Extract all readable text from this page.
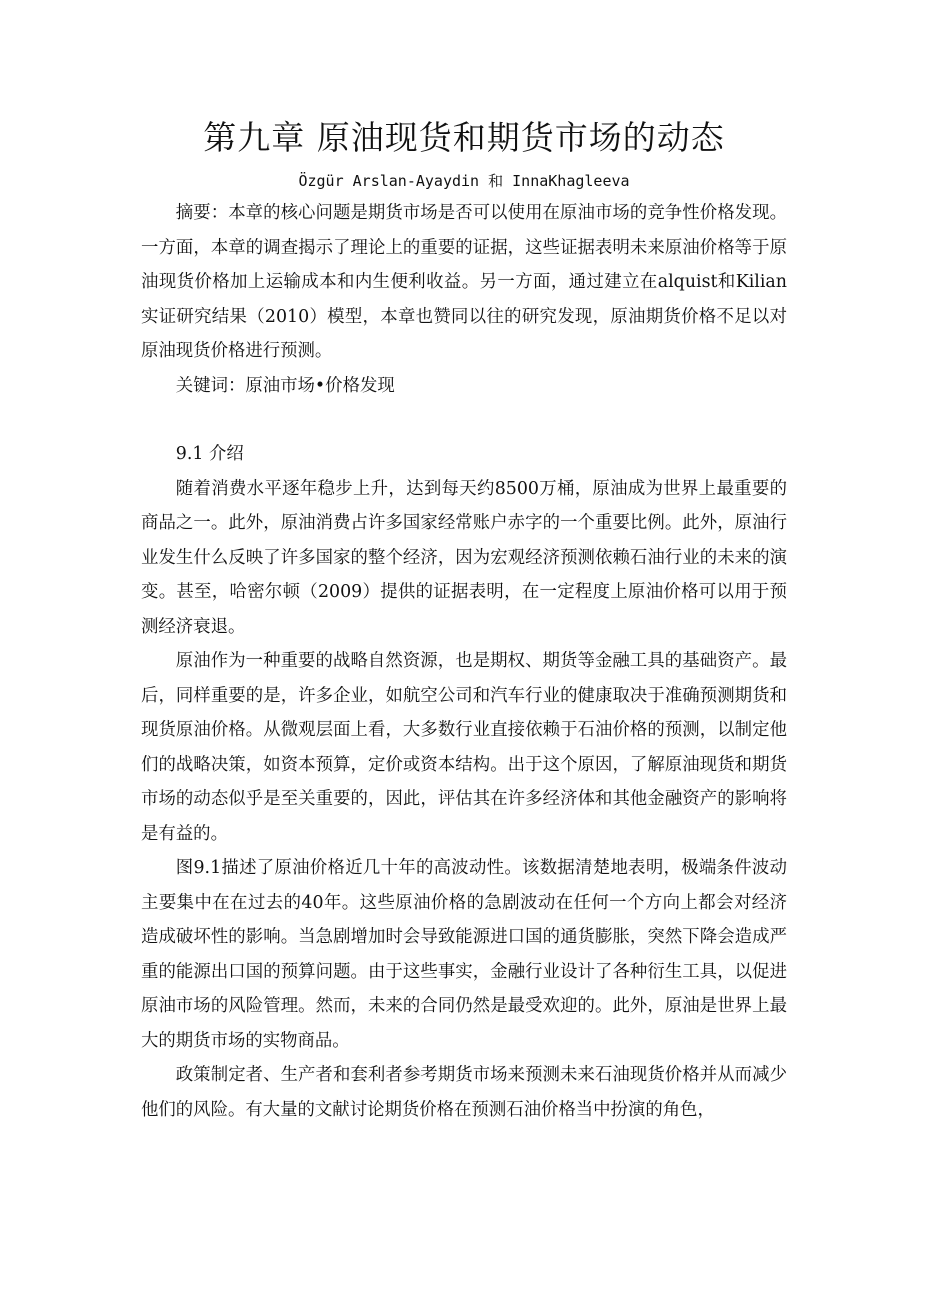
第九章 原油现货和期货市场的动态
Özgür Arslan-Ayaydin 和 InnaKhagleeva

摘要：本章的核心问题是期货市场是否可以使用在原油市场的竞争性价格发现。一方面，本章的调查揭示了理论上的重要的证据，这些证据表明未来原油价格等于原油现货价格加上运输成本和内生便利收益。另一方面，通过建立在alquist和Kilian实证研究结果（2010）模型，本章也赞同以往的研究发现，原油期货价格不足以对原油现货价格进行预测。

关键词：原油市场•价格发现

9.1 介绍

随着消费水平逐年稳步上升，达到每天约8500万桶，原油成为世界上最重要的商品之一。此外，原油消费占许多国家经常账户赤字的一个重要比例。此外，原油行业发生什么反映了许多国家的整个经济，因为宏观经济预测依赖石油行业的未来的演变。甚至，哈密尔顿（2009）提供的证据表明，在一定程度上原油价格可以用于预测经济衰退。

原油作为一种重要的战略自然资源，也是期权、期货等金融工具的基础资产。最后，同样重要的是，许多企业，如航空公司和汽车行业的健康取决于准确预测期货和现货原油价格。从微观层面上看，大多数行业直接依赖于石油价格的预测，以制定他们的战略决策，如资本预算，定价或资本结构。出于这个原因，了解原油现货和期货市场的动态似乎是至关重要的，因此，评估其在许多经济体和其他金融资产的影响将是有益的。

图9.1描述了原油价格近几十年的高波动性。该数据清楚地表明，极端条件波动主要集中在在过去的40年。这些原油价格的急剧波动在任何一个方向上都会对经济造成破坏性的影响。当急剧增加时会导致能源进口国的通货膨胀，突然下降会造成严重的能源出口国的预算问题。由于这些事实，金融行业设计了各种衍生工具，以促进原油市场的风险管理。然而，未来的合同仍然是最受欢迎的。此外，原油是世界上最大的期货市场的实物商品。

政策制定者、生产者和套利者参考期货市场来预测未来石油现货价格并从而减少他们的风险。有大量的文献讨论期货价格在预测石油价格当中扮演的角色，
